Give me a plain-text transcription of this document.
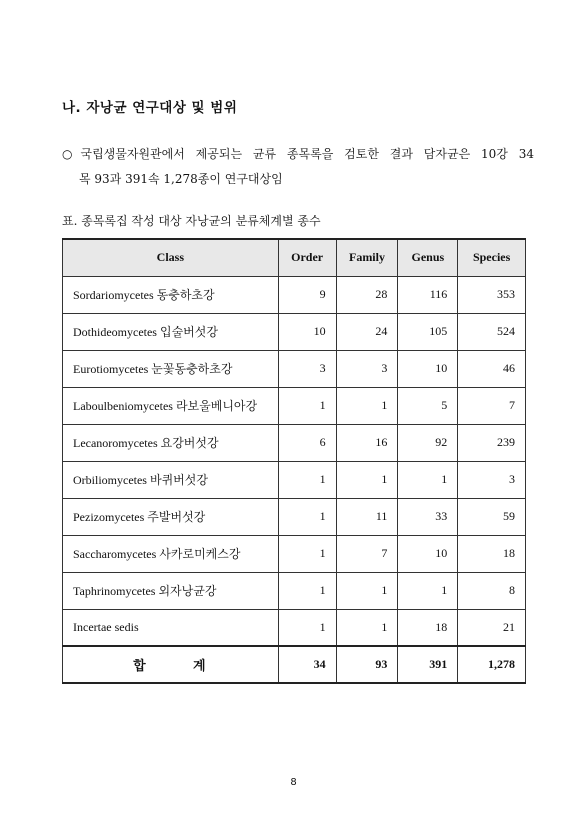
나. 자낭균 연구대상 및 범위
○ 국립생물자원관에서 제공되는 균류 종목록을 검토한 결과 담자균은 10강 34
목 93과 391속 1,278종이 연구대상임
표. 종목록집 작성 대상 자낭균의 분류체계별 종수
Class	Order	Family	Genus	Species
Sordariomycetes 동충하초강	9	28	116	353
Dothideomycetes 입술버섯강	10	24	105	524
Eurotiomycetes 눈꽃동충하초강	3	3	10	46
Laboulbeniomycetes 라보울베니아강	1	1	5	7
Lecanoromycetes 요강버섯강	6	16	92	239
Orbiliomycetes 바퀴버섯강	1	1	1	3
Pezizomycetes 주발버섯강	1	11	33	59
Saccharomycetes 사카로미케스강	1	7	10	18
Taphrinomycetes 외자낭균강	1	1	1	8
Incertae sedis	1	1	18	21
합 계	34	93	391	1,278
8
